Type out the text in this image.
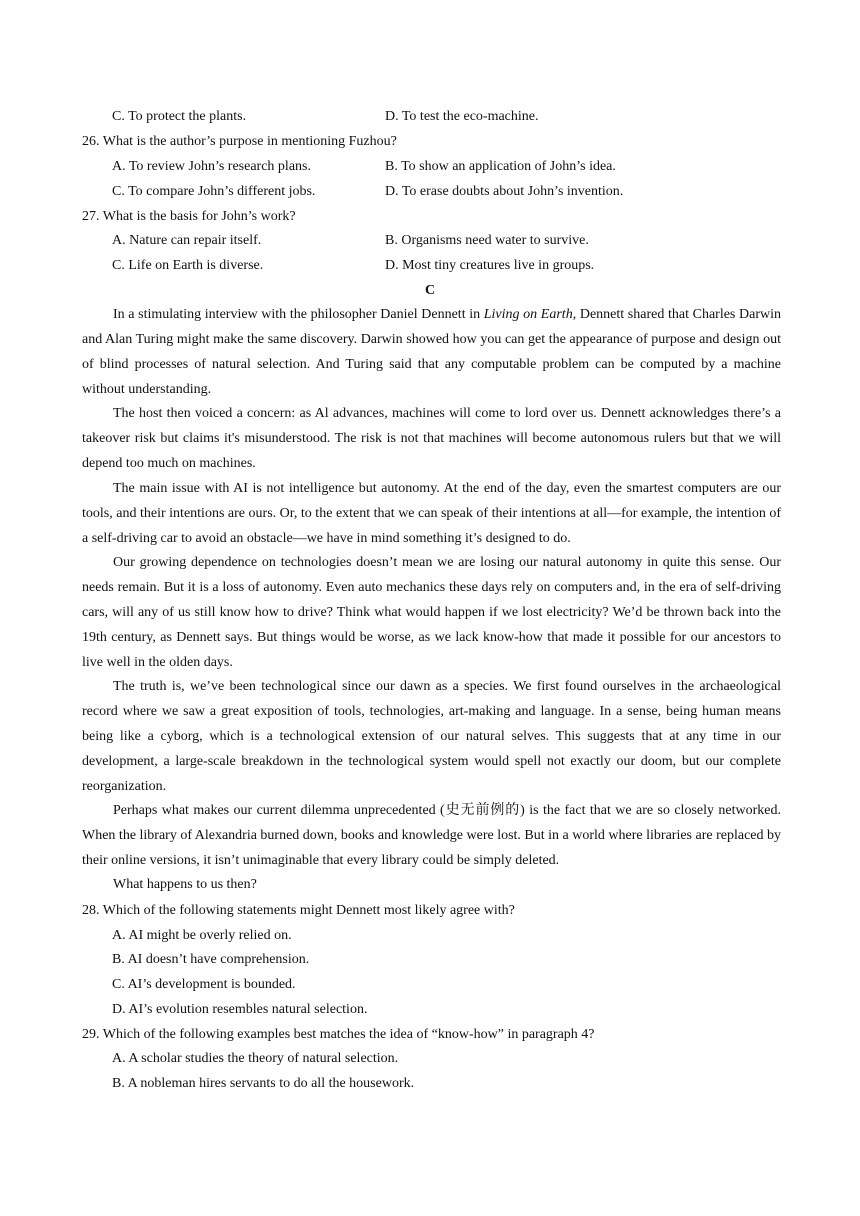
C. To protect the plants.	D. To test the eco-machine.
26. What is the author’s purpose in mentioning Fuzhou?
A. To review John’s research plans.	B. To show an application of John’s idea.
C. To compare John’s different jobs.	D. To erase doubts about John’s invention.
27. What is the basis for John’s work?
A. Nature can repair itself.	B. Organisms need water to survive.
C. Life on Earth is diverse.	D. Most tiny creatures live in groups.
C

In a stimulating interview with the philosopher Daniel Dennett in Living on Earth, Dennett shared that Charles Darwin and Alan Turing might make the same discovery. Darwin showed how you can get the appearance of purpose and design out of blind processes of natural selection. And Turing said that any computable problem can be computed by a machine without understanding.

The host then voiced a concern: as Al advances, machines will come to lord over us. Dennett acknowledges there’s a takeover risk but claims it's misunderstood. The risk is not that machines will become autonomous rulers but that we will depend too much on machines.

The main issue with AI is not intelligence but autonomy. At the end of the day, even the smartest computers are our tools, and their intentions are ours. Or, to the extent that we can speak of their intentions at all—for example, the intention of a self-driving car to avoid an obstacle—we have in mind something it’s designed to do.

Our growing dependence on technologies doesn’t mean we are losing our natural autonomy in quite this sense. Our needs remain. But it is a loss of autonomy. Even auto mechanics these days rely on computers and, in the era of self-driving cars, will any of us still know how to drive? Think what would happen if we lost electricity? We’d be thrown back into the 19th century, as Dennett says. But things would be worse, as we lack know-how that made it possible for our ancestors to live well in the olden days.

The truth is, we’ve been technological since our dawn as a species. We first found ourselves in the archaeological record where we saw a great exposition of tools, technologies, art-making and language. In a sense, being human means being like a cyborg, which is a technological extension of our natural selves. This suggests that at any time in our development, a large-scale breakdown in the technological system would spell not exactly our doom, but our complete reorganization.

Perhaps what makes our current dilemma unprecedented (史无前例的) is the fact that we are so closely networked. When the library of Alexandria burned down, books and knowledge were lost. But in a world where libraries are replaced by their online versions, it isn’t unimaginable that every library could be simply deleted.

What happens to us then?

28. Which of the following statements might Dennett most likely agree with?
A. AI might be overly relied on.
B. AI doesn’t have comprehension.
C. AI’s development is bounded.
D. AI’s evolution resembles natural selection.
29. Which of the following examples best matches the idea of “know-how” in paragraph 4?
A. A scholar studies the theory of natural selection.
B. A nobleman hires servants to do all the housework.
